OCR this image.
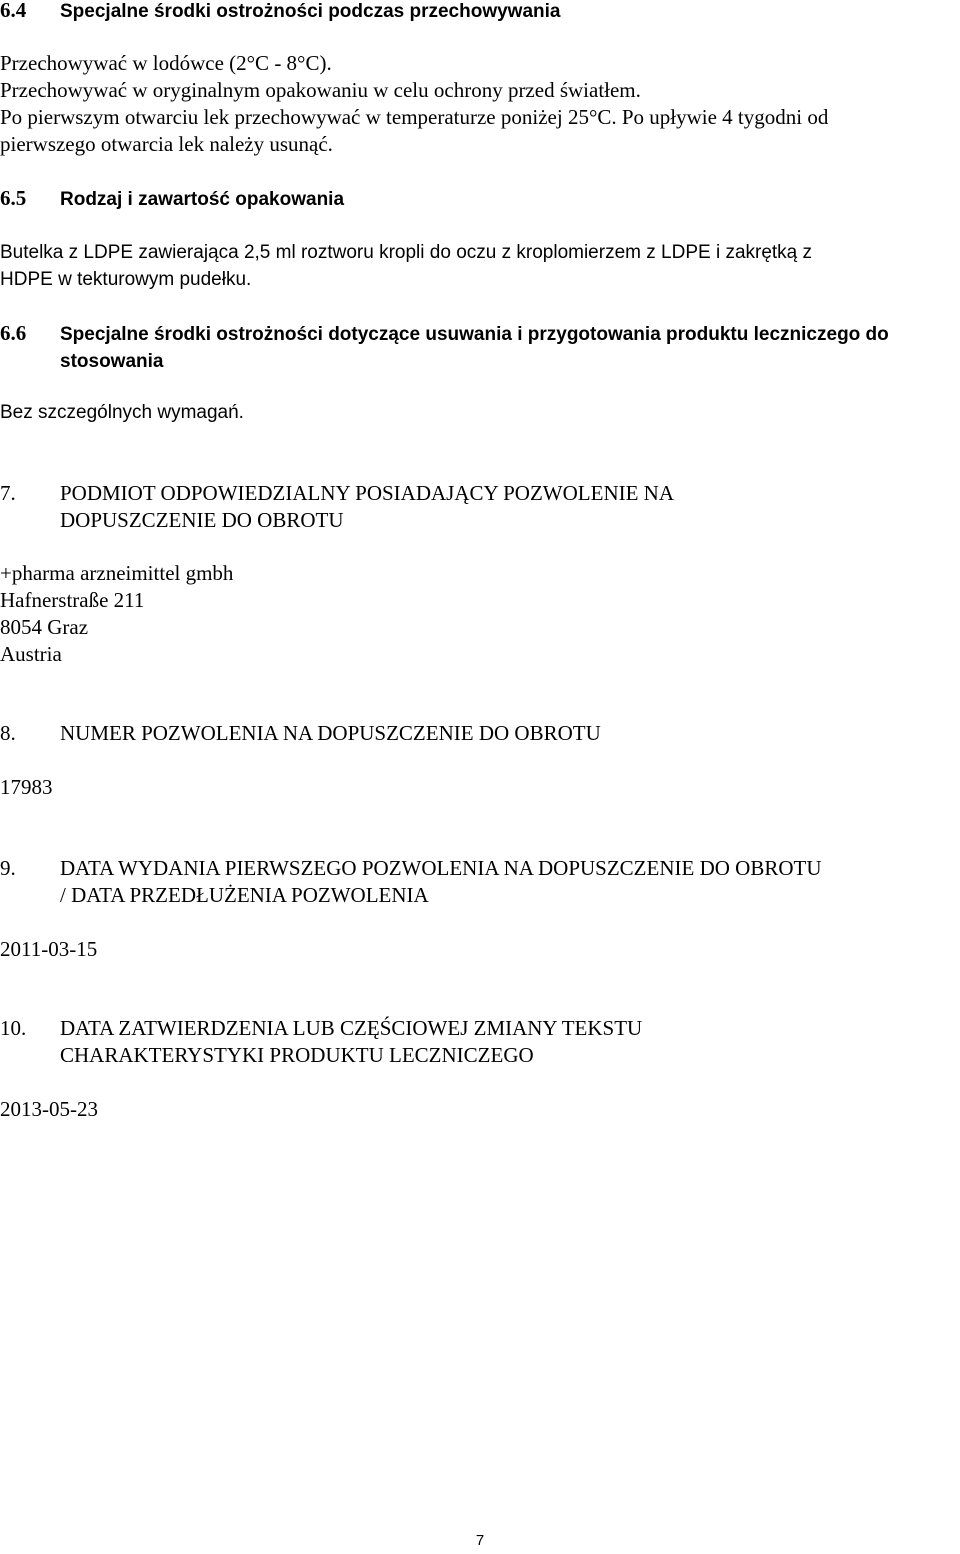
6.4 Specjalne środki ostrożności podczas przechowywania
Przechowywać w lodówce (2°C - 8°C).
Przechowywać w oryginalnym opakowaniu w celu ochrony przed światłem.
Po pierwszym otwarciu lek przechowywać w temperaturze poniżej 25°C. Po upływie 4 tygodni od
pierwszego otwarcia lek należy usunąć.
6.5 Rodzaj i zawartość opakowania
Butelka z LDPE zawierająca 2,5 ml roztworu kropli do oczu z kroplomierzem z LDPE i zakrętką z
HDPE w tekturowym pudełku.
6.6 Specjalne środki ostrożności dotyczące usuwania i przygotowania produktu leczniczego do
stosowania
Bez szczególnych wymagań.
7. PODMIOT ODPOWIEDZIALNY POSIADAJĄCY POZWOLENIE NA
DOPUSZCZENIE DO OBROTU
+pharma arzneimittel gmbh
Hafnerstraße 211
8054 Graz
Austria
8. NUMER POZWOLENIA NA DOPUSZCZENIE DO OBROTU
17983
9. DATA WYDANIA PIERWSZEGO POZWOLENIA NA DOPUSZCZENIE DO OBROTU
/ DATA PRZEDŁUŻENIA POZWOLENIA
2011-03-15
10. DATA ZATWIERDZENIA LUB CZĘŚCIOWEJ ZMIANY TEKSTU
CHARAKTERYSTYKI PRODUKTU LECZNICZEGO
2013-05-23
7
